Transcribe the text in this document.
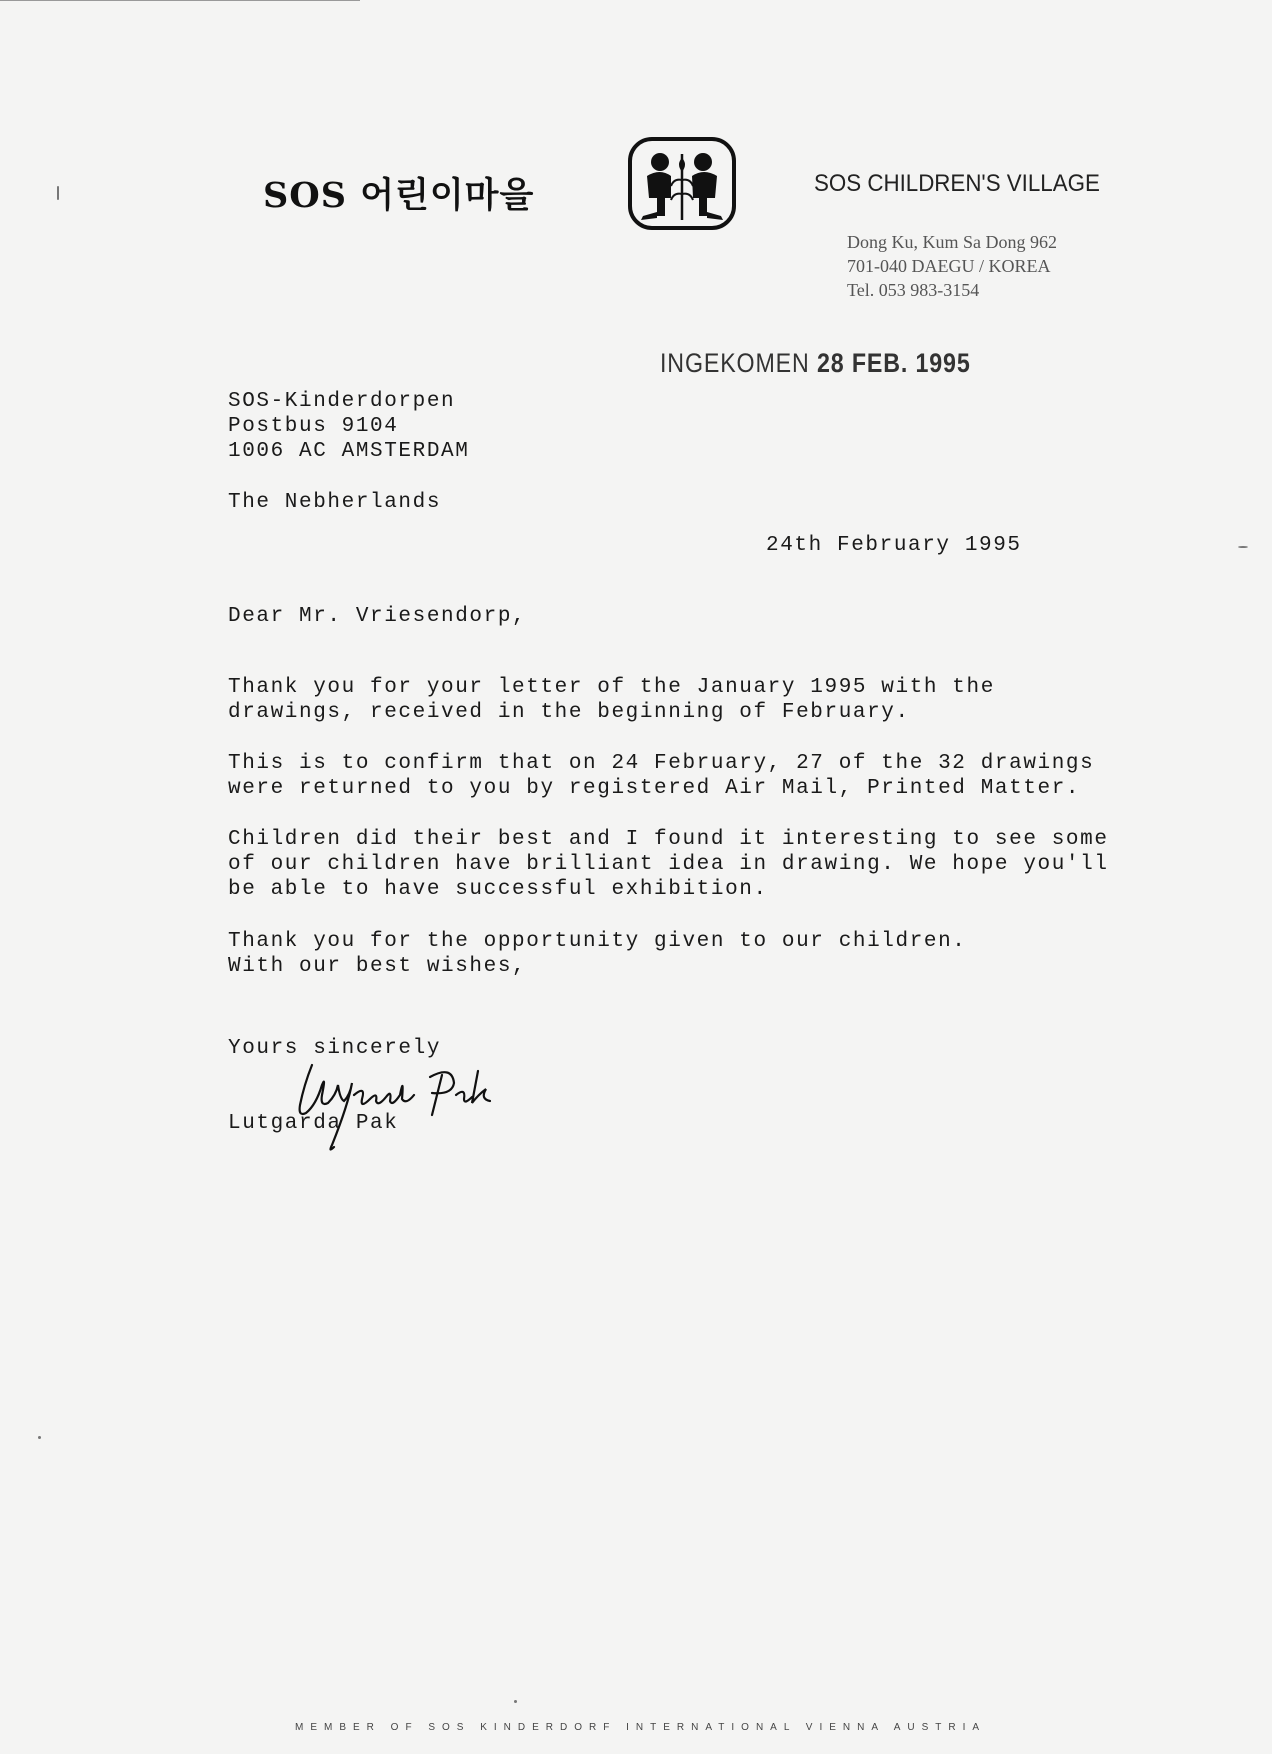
SOS 어린이마을	SOS CHILDREN'S VILLAGE
Dong Ku, Kum Sa Dong 962
701-040 DAEGU / KOREA
Tel. 053 983-3154
INGEKOMEN 28 FEB. 1995
SOS-Kinderdorpen
Postbus 9104
1006 AC AMSTERDAM
The Nebherlands
24th February 1995
Dear Mr. Vriesendorp,
Thank you for your letter of the January 1995 with the
drawings, received in the beginning of February.
This is to confirm that on 24 February, 27 of the 32 drawings
were returned to you by registered Air Mail, Printed Matter.
Children did their best and I found it interesting to see some
of our children have brilliant idea in drawing. We hope you'll
be able to have successful exhibition.
Thank you for the opportunity given to our children.
With our best wishes,
Yours sincerely
Lutgarda Pak
MEMBER OF SOS KINDERDORF INTERNATIONAL VIENNA AUSTRIA
